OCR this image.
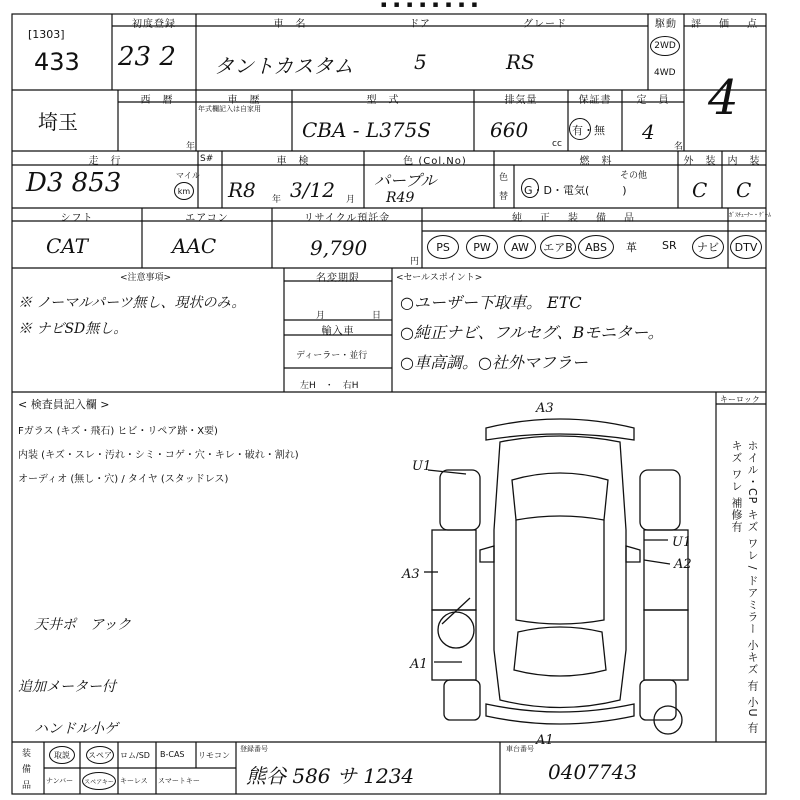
▪ ▪ ▪ ▪ ▪ ▪ ▪ ▪
[1303]
433
初度登録
23 2
車　名
タントカスタム
ドア
5
グレード
RS
駆動
2WD
4WD
評　価　点
4
埼玉
西　暦
年
車　歴
年式欄記入は自家用
型　式
CBA - L375S
排気量
660
cc
保証書
有・無
定　員
4
名
走　行
D3 853	マイル
km
S#	車　検
R8 年 3/12 月
色 (Col.No)
パープル
R49
色
替
燃　料
その他
G・D・電気(　　　)
外　装
C
内　装
C
シフト
CAT
エアコン
AAC
リサイクル預託金
9,790
円
純　正　装　備　品	ｶﾞｽﾁｭｰﾅｰ・ｹﾞｰﾑ
PS	PW	AW	エアB	ABS	革 SR	ナビ	DTV
<注意事項>
※ ノーマルパーツ無し、現状のみ。
※ ナビSD無し。
名変期限
月	日
輸入車
ディーラー・並行
左H　・　右H
<セールスポイント>
○ユーザー下取車。 ETC
○純正ナビ、フルセグ、Bモニター。
○車高調。○社外マフラー
< 検査員記入欄 >
Fガラス (キズ・飛石) ヒビ・リペア跡・X要)
内装 (キズ・スレ・汚れ・シミ・コゲ・穴・キレ・破れ・割れ)
オーディオ (無し・穴) / タイヤ (スタッドレス)
キーロック
ホイル・CP キズ ワレ / ドアミラー 小キズ 有 小U 有 キズ ワレ 補修有
天井ポ　アック
追加メーター付
ハンドル小ゲ
A3
U1
U1
A2
A3
A1
A1
装
備
品
取説	スペア ロム/SD B-CAS リモコン
ナンバー	スペアキー キーレス スマートキー
登録番号
熊谷 586 サ 1234
車台番号
0407743
